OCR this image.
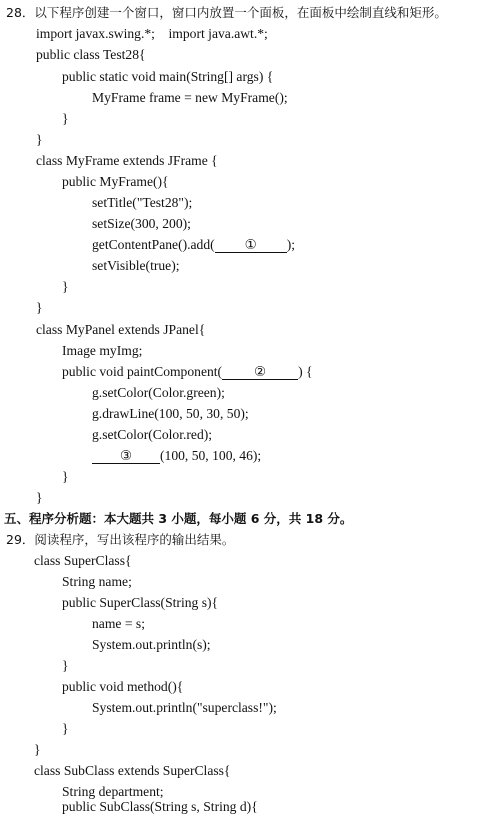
28．以下程序创建一个窗口，窗口内放置一个面板，在面板中绘制直线和矩形。
import javax.swing.*;    import java.awt.*;
public class Test28{
public static void main(String[] args) {
MyFrame frame = new MyFrame();
}
}
class MyFrame extends JFrame {
public MyFrame(){
setTitle("Test28");
setSize(300, 200);
getContentPane().add( ① );
setVisible(true);
}
}
class MyPanel extends JPanel{
Image myImg;
public void paintComponent( ② ) {
g.setColor(Color.green);
g.drawLine(100, 50, 30, 50);
g.setColor(Color.red);
③ (100, 50, 100, 46);
}
}
五、程序分析题：本大题共 3 小题，每小题 6 分，共 18 分。
29．阅读程序，写出该程序的输出结果。
class SuperClass{
String name;
public SuperClass(String s){
name = s;
System.out.println(s);
}
public void method(){
System.out.println("superclass!");
}
}
class SubClass extends SuperClass{
String department;
public SubClass(String s, String d){
